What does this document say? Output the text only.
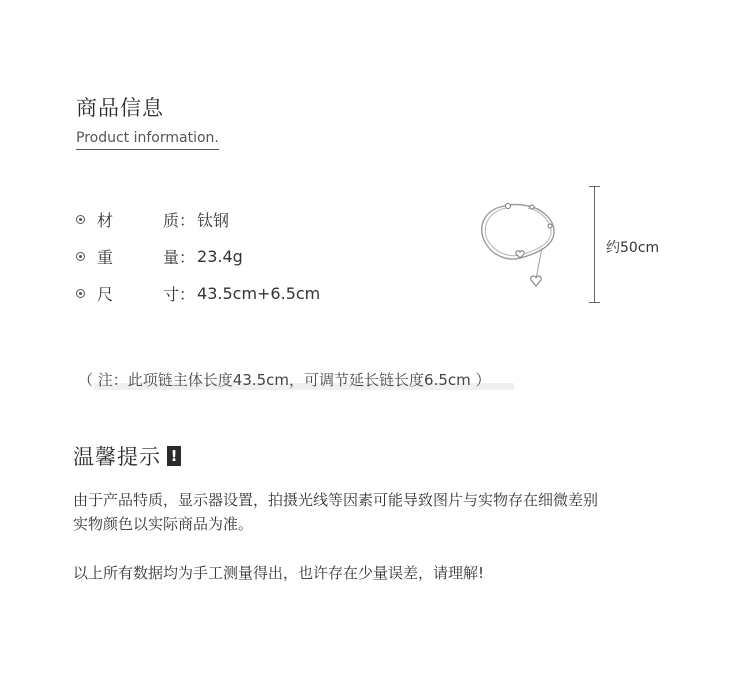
商品信息
Product information.
材	质 ： 钛钢
重	量 ： 23.4g
尺	寸 ： 43.5cm+6.5cm
约50cm
（ 注：此项链主体长度43.5cm，可调节延长链长度6.5cm ）
温馨提示 !
由于产品特质，显示器设置，拍摄光线等因素可能导致图片与实物存在细微差别
实物颜色以实际商品为准。
以上所有数据均为手工测量得出，也许存在少量误差，请理解!
